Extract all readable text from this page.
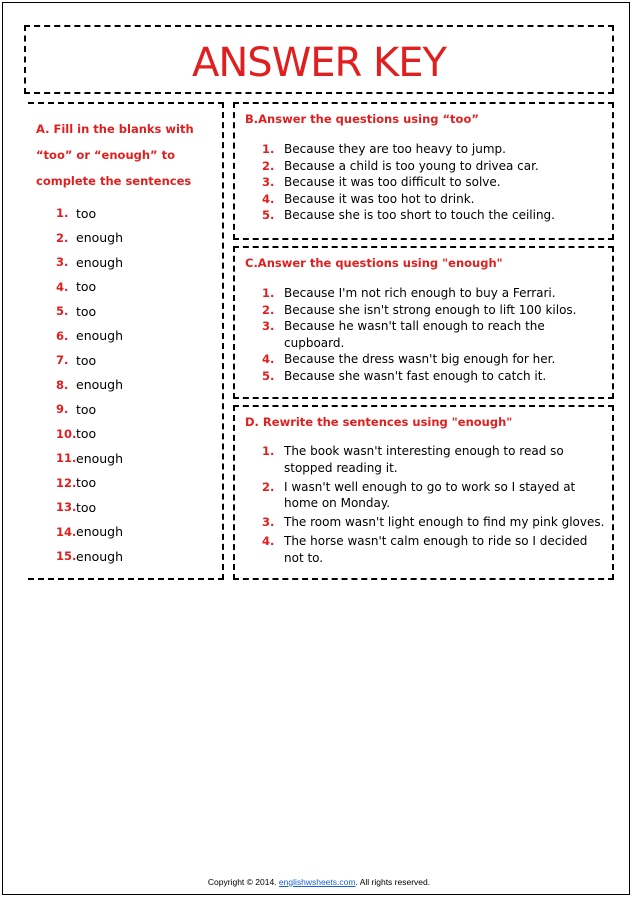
ANSWER KEY
A. Fill in the blanks with “too” or “enough” to complete the sentences
1. too
2. enough
3. enough
4. too
5. too
6. enough
7. too
8. enough
9. too
10. too
11. enough
12. too
13. too
14. enough
15. enough
B.Answer the questions using “too”
1. Because they are too heavy to jump.
2. Because a child is too young to drivea car.
3. Because it was too difficult to solve.
4. Because it was too hot to drink.
5. Because she is too short to touch the ceiling.
C.Answer the questions using "enough"
1. Because I'm not rich enough to buy a Ferrari.
2. Because she isn't strong enough to lift 100 kilos.
3. Because he wasn't tall enough to reach the cupboard.
4. Because the dress wasn't big enough for her.
5. Because she wasn't fast enough to catch it.
D. Rewrite the sentences using "enough"
1. The book wasn't interesting enough to read so stopped reading it.
2. I wasn't well enough to go to work so I stayed at home on Monday.
3. The room wasn't light enough to find my pink gloves.
4. The horse wasn't calm enough to ride so I decided not to.
Copyright © 2014. englishwsheets.com. All rights reserved.
